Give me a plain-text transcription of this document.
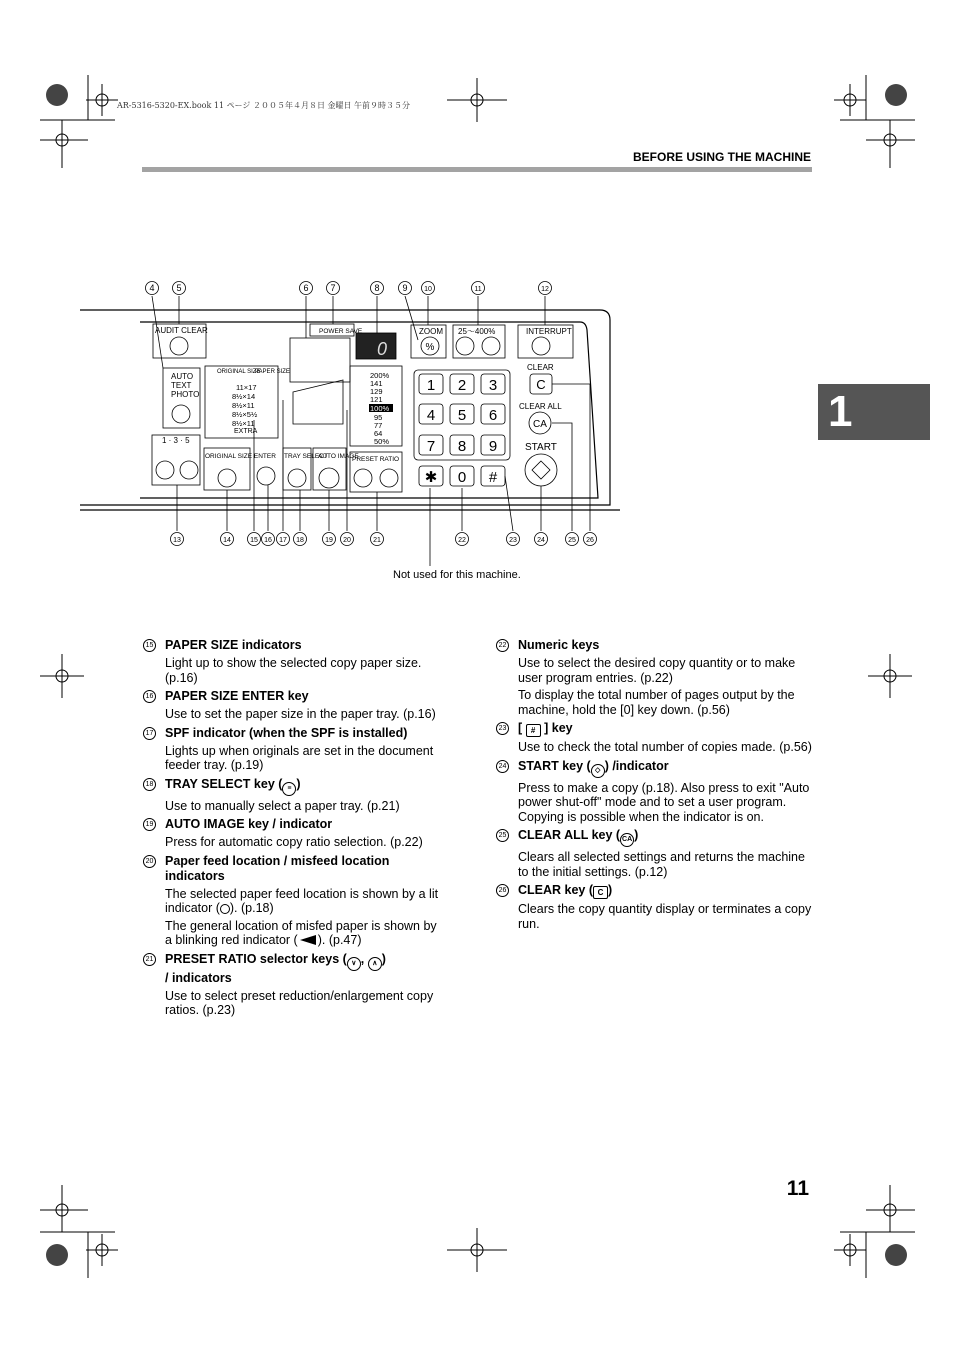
AR-5316-5320-EX.book 11 ページ ２００５年４月８日 金曜日 午前９時３５分
BEFORE USING THE MACHINE
1
AUDIT CLEAR	POWER SAVE	ZOOM 25～400%	INTERRUPT
CLEAR
CLEAR ALL
START
AUTO
TEXT
PHOTO
1 · 3 · 5
ORIGINAL SIZE
PAPER SIZE
EXTRA
ORIGINAL SIZE ENTER TRAY SELECT
AUTO IMAGE
PRESET RATIO
0
11×17
8½×14
8½×11
8½×5½
8½×11
200%
141
129
121
100%
95
77
64
50%
1 2 3
4 5 6
7 8 9
✱ 0 #
C
CA
%
4 5	6 7	8	9 10	11	12
13	14	15 16 17 18	19 20	21	22	23	24	25 26
Not used for this machine.
15 PAPER SIZE indicators
Light up to show the selected copy paper size. (p.16)
16 PAPER SIZE ENTER key
Use to set the paper size in the paper tray. (p.16)
17 SPF indicator (when the SPF is installed)
Lights up when originals are set in the document feeder tray. (p.19)
18 TRAY SELECT key ( ≡ )
Use to manually select a paper tray. (p.21)
19 AUTO IMAGE key / indicator
Press for automatic copy ratio selection. (p.22)
20 Paper feed location / misfeed location indicators
The selected paper feed location is shown by a lit indicator ( ). (p.18)
The general location of misfed paper is shown by a blinking red indicator ( ). (p.47)
21 PRESET RATIO selector keys ( ∨ , ∧ )
/ indicators
Use to select preset reduction/enlargement copy ratios. (p.23)
22 Numeric keys
Use to select the desired copy quantity or to make user program entries. (p.22)
To display the total number of pages output by the machine, hold the [0] key down. (p.56)
23 [ # ] key
Use to check the total number of copies made. (p.56)
24 START key ( ◇ ) /indicator
Press to make a copy (p.18). Also press to exit "Auto power shut-off" mode and to set a user program. Copying is possible when the indicator is on.
25 CLEAR ALL key ( CA )
Clears all selected settings and returns the machine to the initial settings. (p.12)
26 CLEAR key ( C )
Clears the copy quantity display or terminates a copy run.
11
